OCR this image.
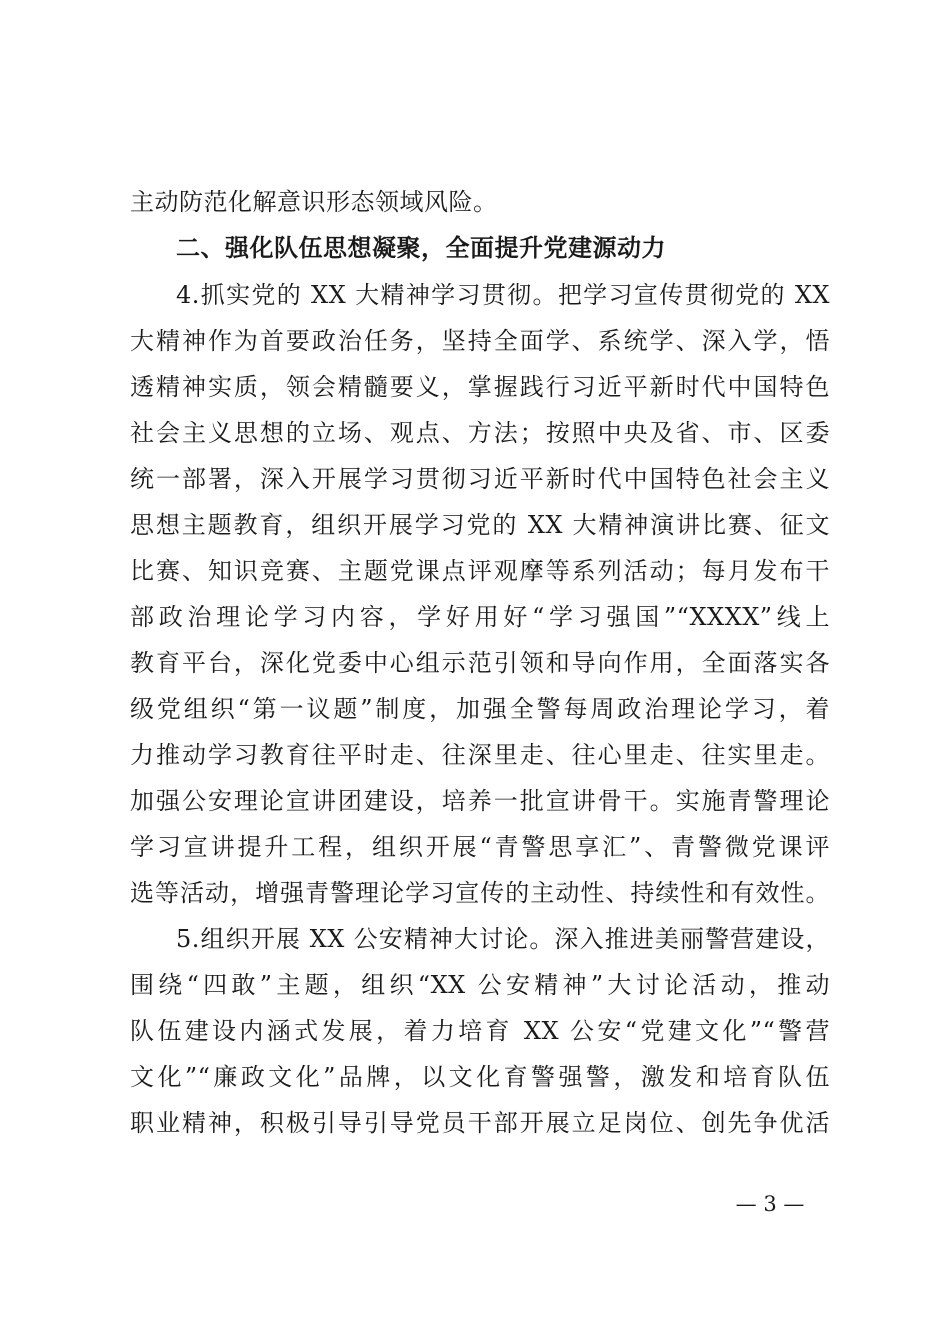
主动防范化解意识形态领域风险。
二、强化队伍思想凝聚，全面提升党建源动力
4.抓实党的 XX 大精神学习贯彻。把学习宣传贯彻党的 XX
大精神作为首要政治任务，坚持全面学、系统学、深入学，悟
透精神实质，领会精髓要义，掌握践行习近平新时代中国特色
社会主义思想的立场、观点、方法；按照中央及省、市、区委
统一部署，深入开展学习贯彻习近平新时代中国特色社会主义
思想主题教育，组织开展学习党的 XX 大精神演讲比赛、征文
比赛、知识竞赛、主题党课点评观摩等系列活动；每月发布干
部政治理论学习内容，学好用好“学习强国”“XXXX”线上
教育平台，深化党委中心组示范引领和导向作用，全面落实各
级党组织“第一议题”制度，加强全警每周政治理论学习，着
力推动学习教育往平时走、往深里走、往心里走、往实里走。
加强公安理论宣讲团建设，培养一批宣讲骨干。实施青警理论
学习宣讲提升工程，组织开展“青警思享汇”、青警微党课评
选等活动，增强青警理论学习宣传的主动性、持续性和有效性。
5.组织开展 XX 公安精神大讨论。深入推进美丽警营建设，
围绕“四敢”主题，组织“XX 公安精神”大讨论活动，推动
队伍建设内涵式发展，着力培育 XX 公安“党建文化”“警营
文化”“廉政文化”品牌，以文化育警强警，激发和培育队伍
职业精神，积极引导引导党员干部开展立足岗位、创先争优活
— 3 —
